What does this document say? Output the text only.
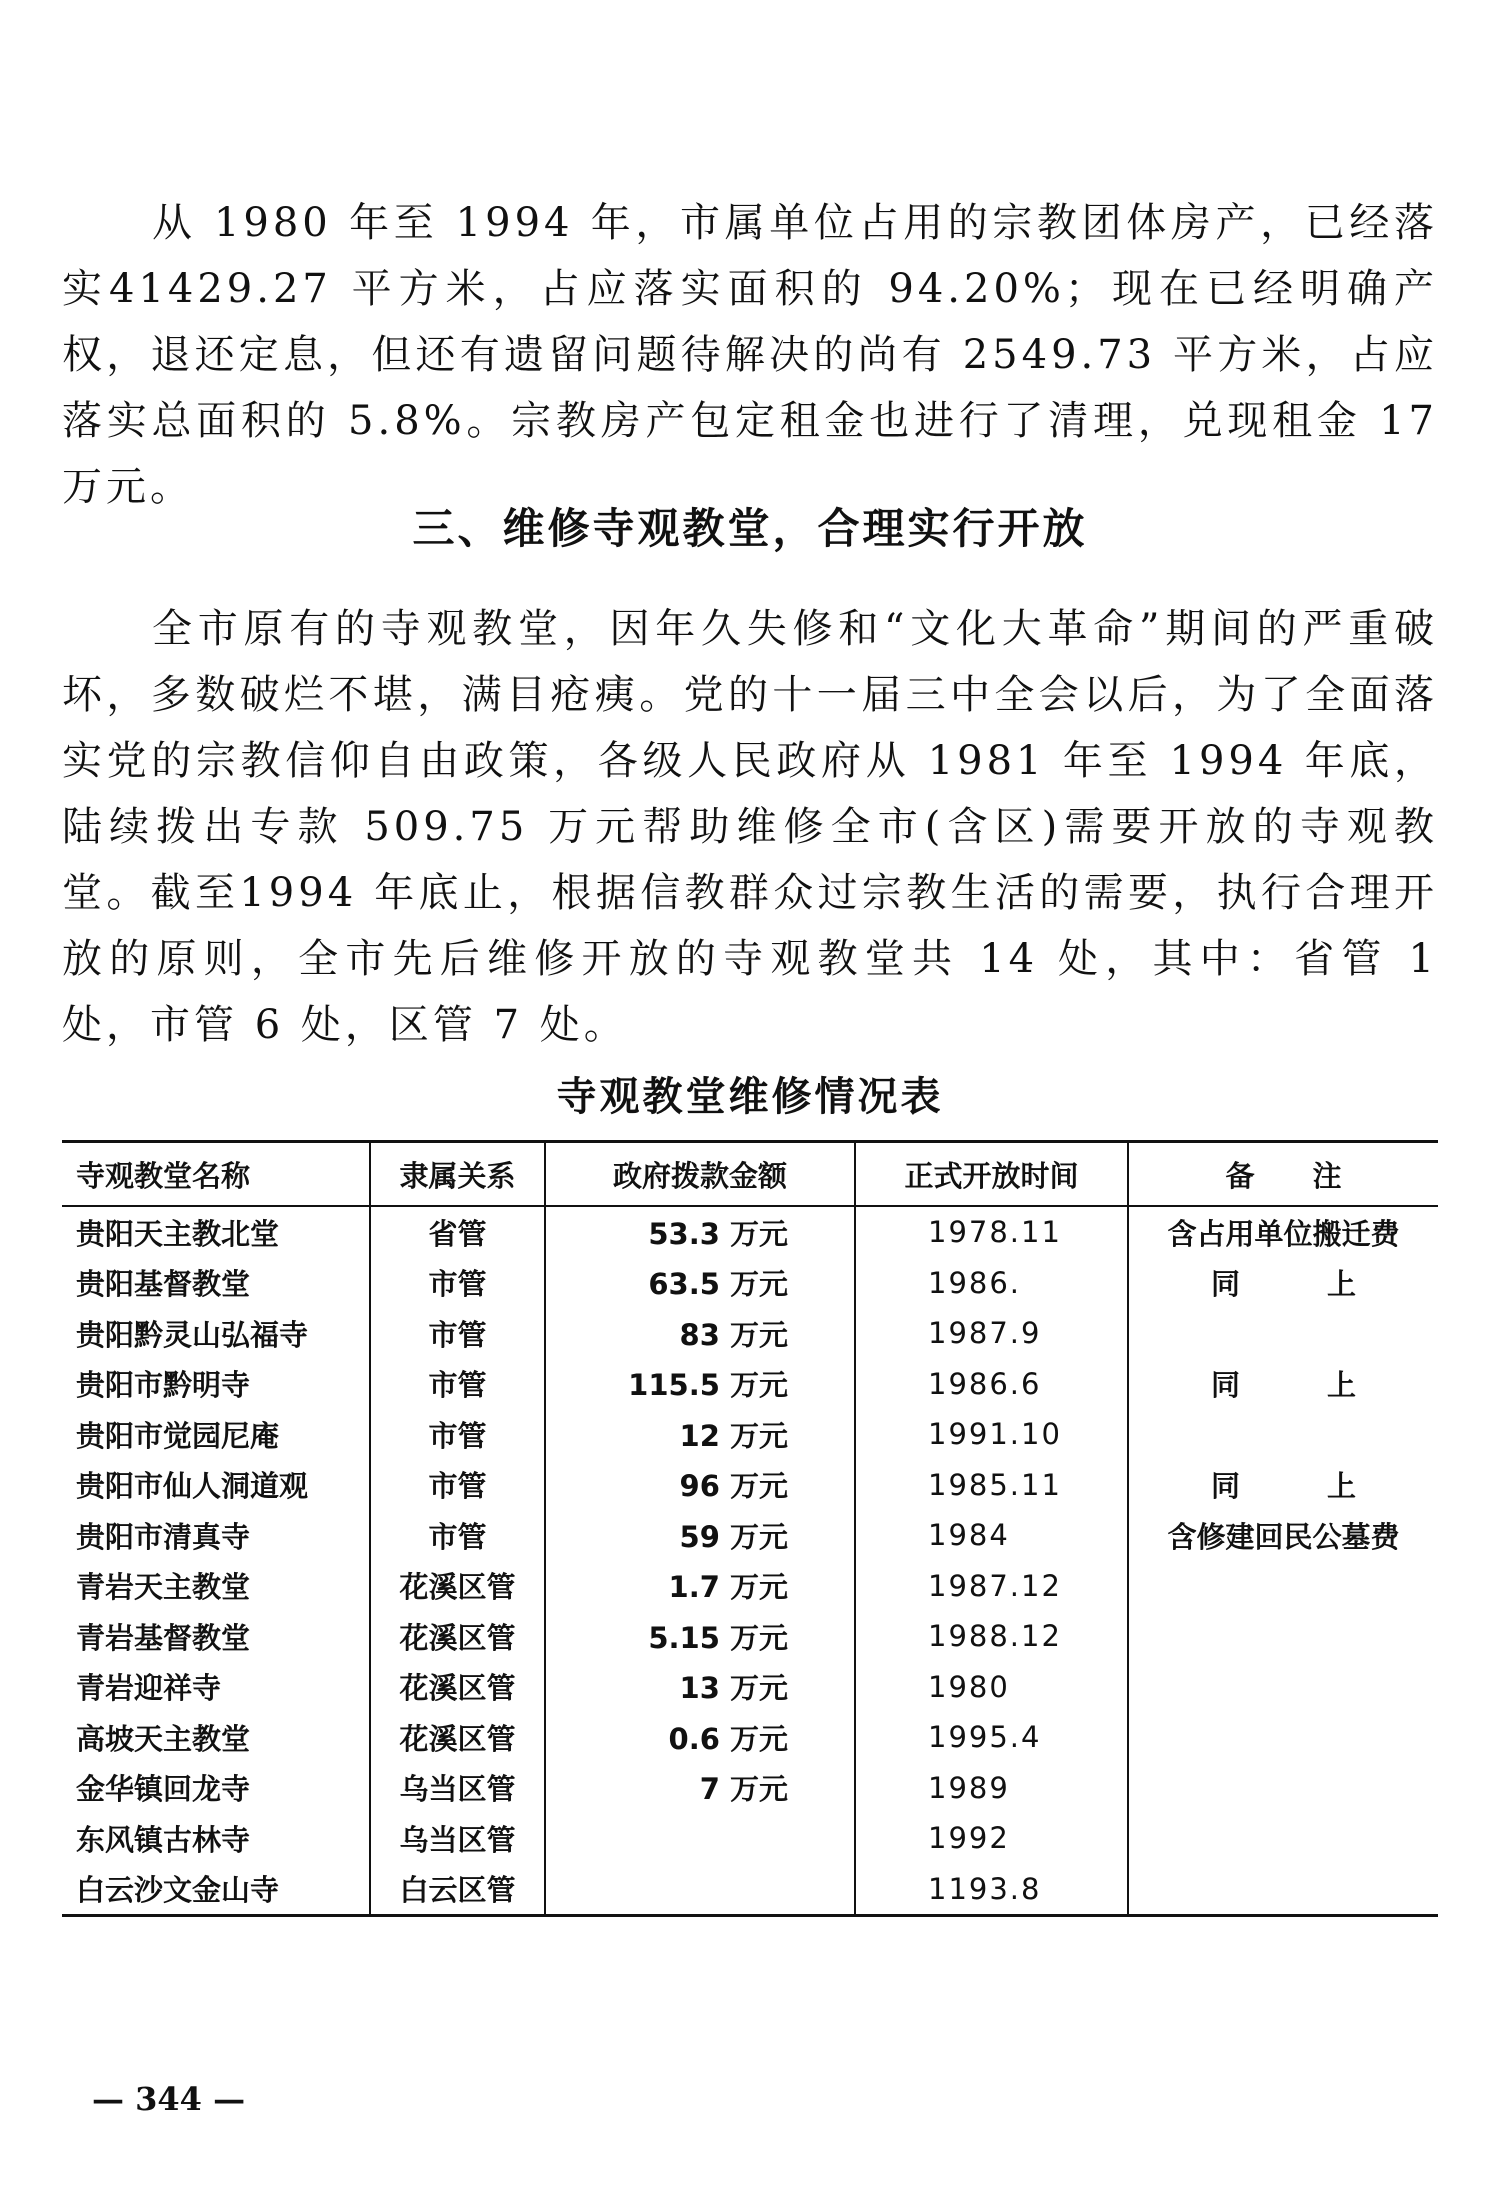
从 1980 年至 1994 年，市属单位占用的宗教团体房产，已经落实41429.27 平方米，占应落实面积的 94.20%；现在已经明确产权，退还定息，但还有遗留问题待解决的尚有 2549.73 平方米，占应落实总面积的 5.8%。宗教房产包定租金也进行了清理，兑现租金 17 万元。

三、维修寺观教堂，合理实行开放

全市原有的寺观教堂，因年久失修和“文化大革命”期间的严重破坏，多数破烂不堪，满目疮痍。党的十一届三中全会以后，为了全面落实党的宗教信仰自由政策，各级人民政府从 1981 年至 1994 年底，陆续拨出专款 509.75 万元帮助维修全市(含区)需要开放的寺观教堂。截至1994 年底止，根据信教群众过宗教生活的需要，执行合理开放的原则，全市先后维修开放的寺观教堂共 14 处，其中：省管 1 处，市管 6 处，区管 7 处。

寺观教堂维修情况表
寺观教堂名称	隶属关系	政府拨款金额	正式开放时间	备　　注
贵阳天主教北堂	省管	53.3 万元	1978.11	含占用单位搬迁费
贵阳基督教堂	市管	63.5 万元	1986.	同　　　上
贵阳黔灵山弘福寺	市管	83 万元	1987.9	
贵阳市黔明寺	市管	115.5 万元	1986.6	同　　　上
贵阳市觉园尼庵	市管	12 万元	1991.10	
贵阳市仙人洞道观	市管	96 万元	1985.11	同　　　上
贵阳市清真寺	市管	59 万元	1984	含修建回民公墓费
青岩天主教堂	花溪区管	1.7 万元	1987.12	
青岩基督教堂	花溪区管	5.15 万元	1988.12	
青岩迎祥寺	花溪区管	13 万元	1980	
高坡天主教堂	花溪区管	0.6 万元	1995.4	
金华镇回龙寺	乌当区管	7 万元	1989	
东风镇古林寺	乌当区管		1992	
白云沙文金山寺	白云区管		1193.8	

— 344 —
